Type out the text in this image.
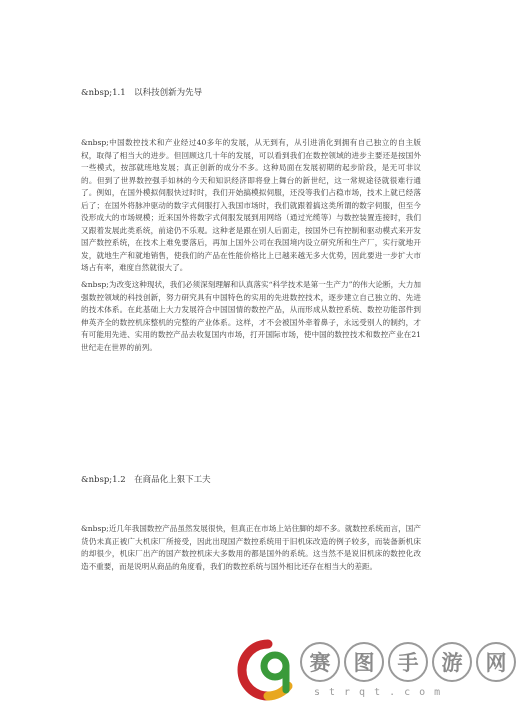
&nbsp;1.1　以科技创新为先导

&nbsp;中国数控技术和产业经过40多年的发展，从无到有，从引进消化到拥有自己独立的自主版权，取得了相当大的进步。但回顾这几十年的发展，可以看到我们在数控领域的进步主要还是按国外一些模式，按部就班地发展；真正创新的成分不多。这种局面在发展初期的起步阶段，是无可非议的。但到了世界数控强手如林的今天和知识经济即将登上舞台的新世纪，这一常规途径就很难行通了。例如，在国外模拟伺服快过时时，我们开始搞模拟伺服，还没等我们占稳市场，技术上就已经落后了；在国外将脉冲驱动的数字式伺服打入我国市场时，我们就跟着搞这类所谓的数字伺服，但至今没形成大的市场规模；近来国外将数字式伺服发展到用网络（通过光缆等）与数控装置连接时，我们又跟着发展此类系统，前途仍不乐观。这种老是跟在别人后面走，按国外已有控制和驱动模式来开发国产数控系统，在技术上难免要落后，再加上国外公司在我国境内设立研究所和生产厂，实行就地开发，就地生产和就地销售，使我们的产品在性能价格比上已越来越无多大优势，因此要进一步扩大市场占有率，难度自然就很大了。

&nbsp;为改变这种现状，我们必须深刻理解和认真落实“科学技术是第一生产力”的伟大论断，大力加强数控领域的科技创新，努力研究具有中国特色的实用的先进数控技术，逐步建立自己独立的、先进的技术体系。在此基础上大力发展符合中国国情的数控产品，从而形成从数控系统、数控功能部件到伸英齐全的数控机床整机的完整的产业体系。这样，才不会被国外牵着鼻子，永远受别人的制约，才有可能用先进、实用的数控产品去收复国内市场，打开国际市场，使中国的数控技术和数控产业在21世纪走在世界的前列。

&nbsp;1.2　在商品化上狠下工夫

&nbsp;近几年我国数控产品虽然发展很快，但真正在市场上站住脚的却不多。就数控系统而言，国产货仍未真正被广大机床厂所接受，因此出现国产数控系统用于旧机床改造的例子较多，而装备新机床的却很少，机床厂出产的国产数控机床大多数用的都是国外的系统。这当然不是说旧机床的数控化改造不重要，而是说明从商品的角度看，我们的数控系统与国外相比还存在相当大的差距。

赛	图	手	游	网
strqt.com
